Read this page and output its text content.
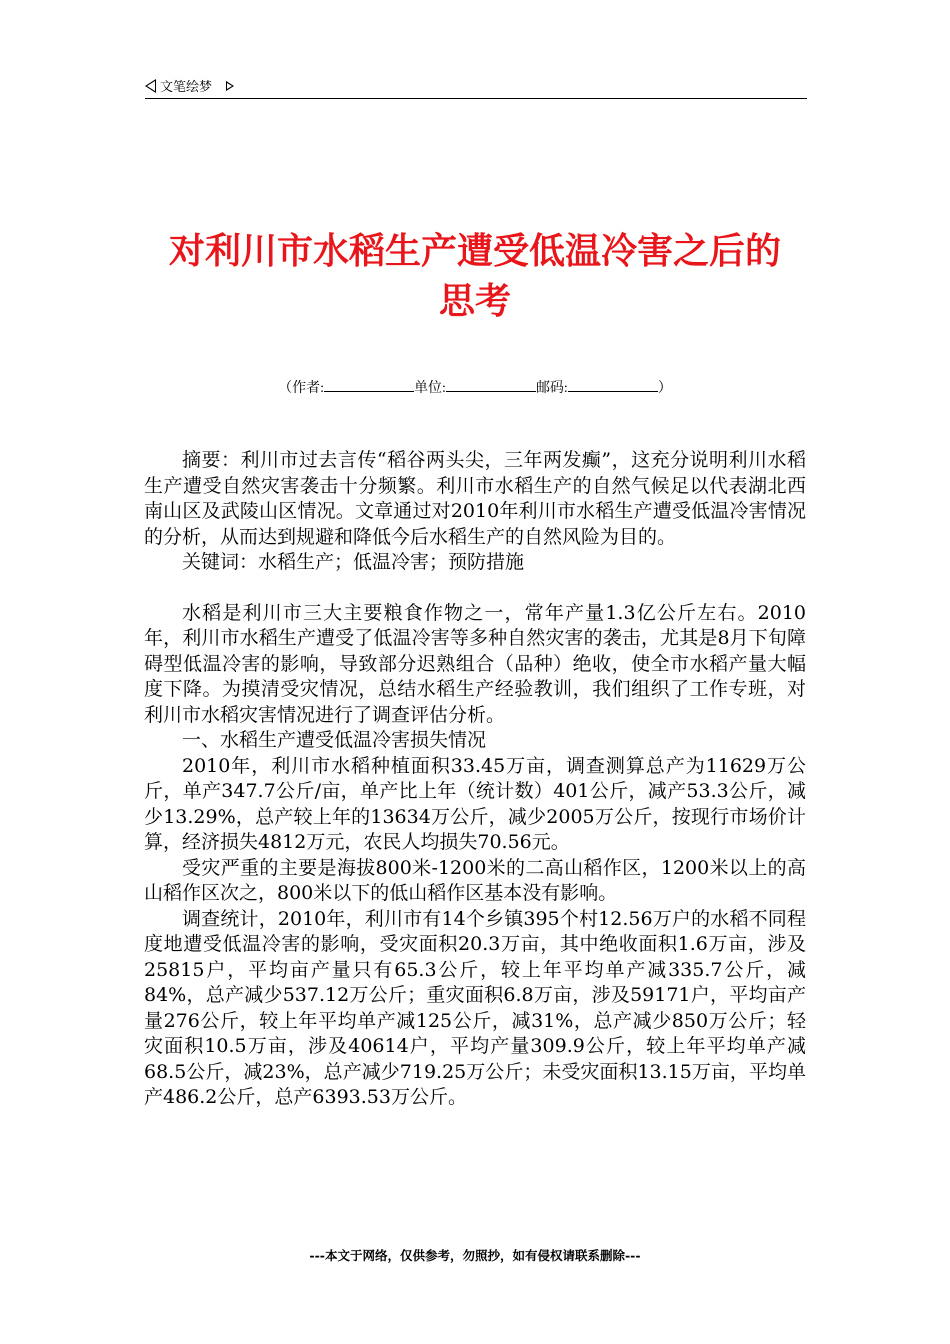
文笔绘梦
对利川市水稻生产遭受低温冷害之后的
思考
（作者:	单位:	邮码:	）

摘要：利川市过去言传“稻谷两头尖，三年两发癫”，这充分说明利川水稻生产遭受自然灾害袭击十分频繁。利川市水稻生产的自然气候足以代表湖北西南山区及武陵山区情况。文章通过对2010年利川市水稻生产遭受低温冷害情况的分析，从而达到规避和降低今后水稻生产的自然风险为目的。

关键词：水稻生产；低温冷害；预防措施

水稻是利川市三大主要粮食作物之一，常年产量1.3亿公斤左右。2010年，利川市水稻生产遭受了低温冷害等多种自然灾害的袭击，尤其是8月下旬障碍型低温冷害的影响，导致部分迟熟组合（品种）绝收，使全市水稻产量大幅度下降。为摸清受灾情况，总结水稻生产经验教训，我们组织了工作专班，对利川市水稻灾害情况进行了调查评估分析。

一、水稻生产遭受低温冷害损失情况

2010年，利川市水稻种植面积33.45万亩，调查测算总产为11629万公斤，单产347.7公斤/亩，单产比上年（统计数）401公斤，减产53.3公斤，减少13.29%，总产较上年的13634万公斤，减少2005万公斤，按现行市场价计算，经济损失4812万元，农民人均损失70.56元。

受灾严重的主要是海拔800米-1200米的二高山稻作区，1200米以上的高山稻作区次之，800米以下的低山稻作区基本没有影响。

调查统计，2010年，利川市有14个乡镇395个村12.56万户的水稻不同程度地遭受低温冷害的影响，受灾面积20.3万亩，其中绝收面积1.6万亩，涉及25815户，平均亩产量只有65.3公斤，较上年平均单产减335.7公斤，减84%，总产减少537.12万公斤；重灾面积6.8万亩，涉及59171户，平均亩产量276公斤，较上年平均单产减125公斤，减31%，总产减少850万公斤；轻灾面积10.5万亩，涉及40614户，平均产量309.9公斤，较上年平均单产减68.5公斤，减23%，总产减少719.25万公斤；未受灾面积13.15万亩，平均单产486.2公斤，总产6393.53万公斤。

---本文于网络，仅供参考，勿照抄，如有侵权请联系删除---
